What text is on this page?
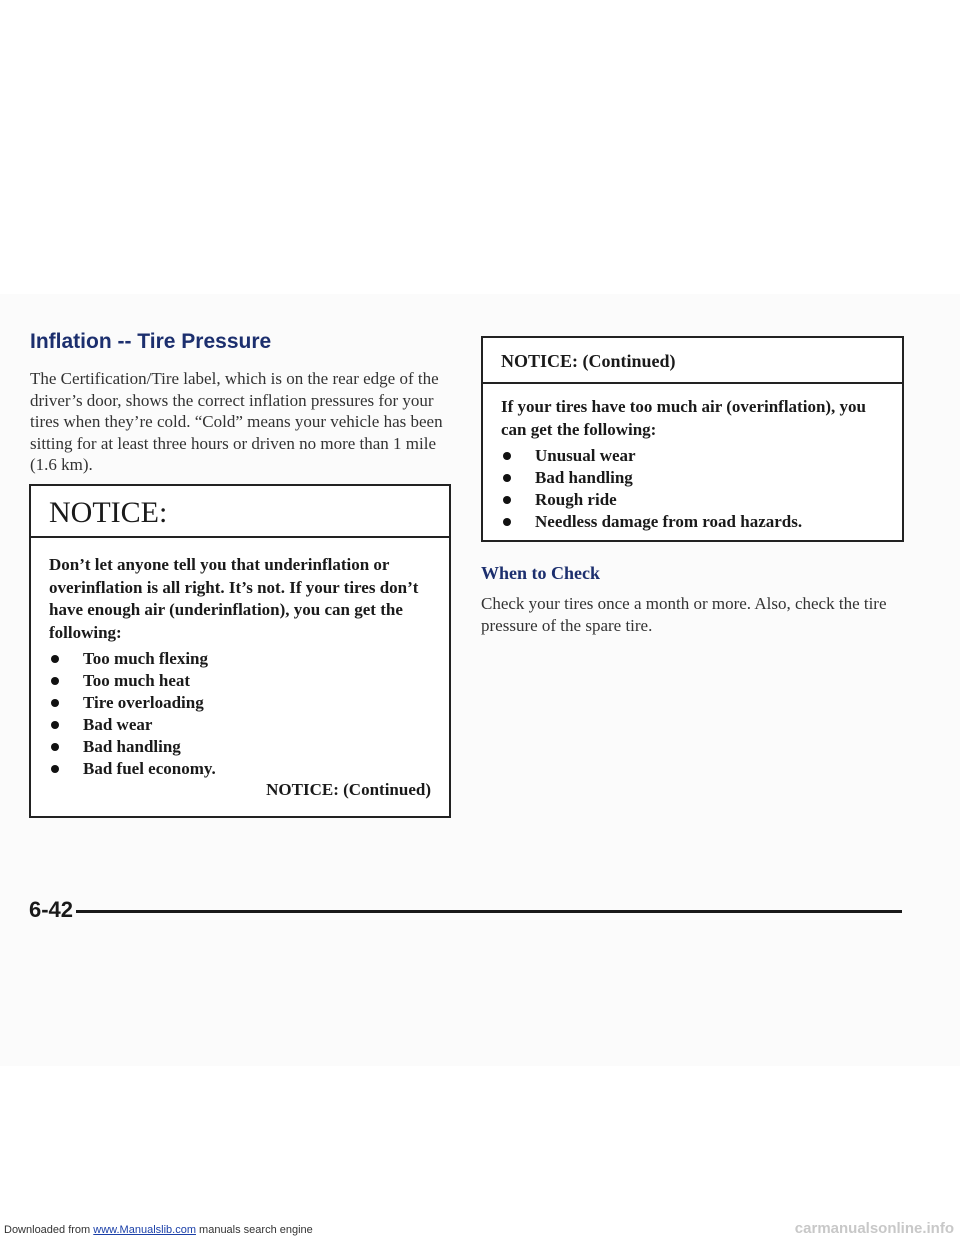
Inflation -- Tire Pressure

The Certification/Tire label, which is on the rear edge of the driver’s door, shows the correct inflation pressures for your tires when they’re cold. “Cold” means your vehicle has been sitting for at least three hours or driven no more than 1 mile (1.6 km).

NOTICE:

Don’t let anyone tell you that underinflation or overinflation is all right. It’s not. If your tires don’t have enough air (underinflation), you can get the following:

Too much flexing
Too much heat
Tire overloading
Bad wear
Bad handling
Bad fuel economy.
NOTICE: (Continued)
NOTICE: (Continued)

If your tires have too much air (overinflation), you can get the following:

Unusual wear
Bad handling
Rough ride
Needless damage from road hazards.
When to Check

Check your tires once a month or more. Also, check the tire pressure of the spare tire.

6-42
Downloaded from www.Manualslib.com manuals search engine	carmanualsonline.info
